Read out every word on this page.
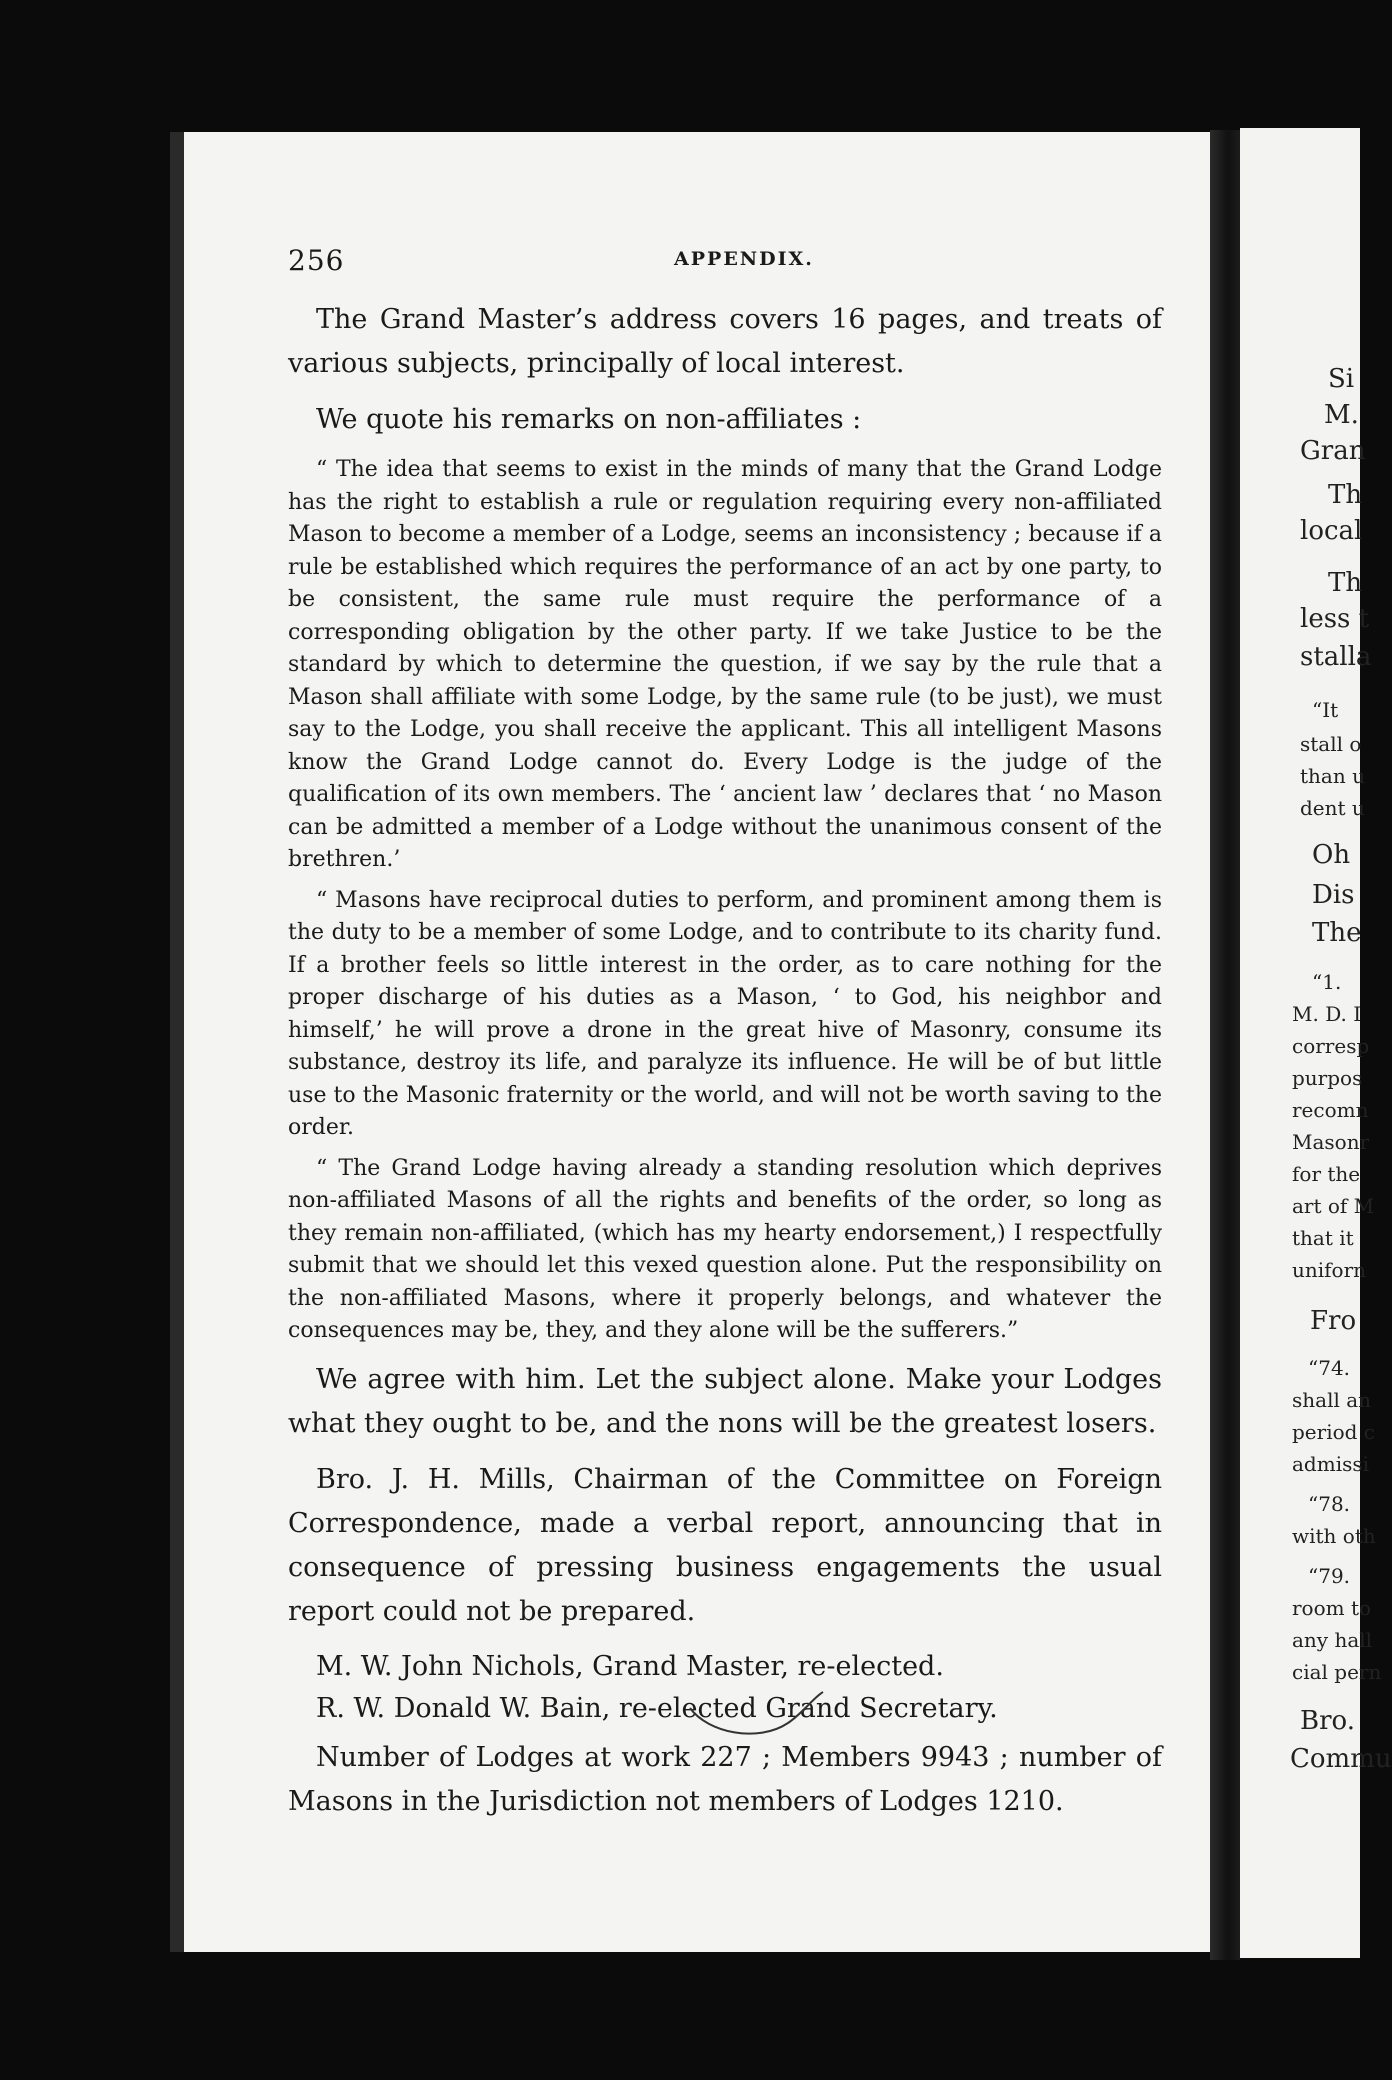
Si
M.
Gran
Th
local
Th
less t
stalla
“It
stall o
than u
dent u
Oh
Dis
The
“1.
M. D. I
corresp
purpos
recomn
Masonr
for the
art of M
that it
uniforn
Fro
“74.
shall an
period c
admissi
“78.
with oth
“79.
room to
any hall
cial pern
Bro.
Commu
256	APPENDIX.

The Grand Master’s address covers 16 pages, and treats of various subjects, principally of local interest.

We quote his remarks on non-affiliates :

“ The idea that seems to exist in the minds of many that the Grand Lodge has the right to establish a rule or regulation requiring every non-affiliated Mason to become a member of a Lodge, seems an inconsistency ; because if a rule be established which requires the performance of an act by one party, to be consistent, the same rule must require the performance of a corresponding obligation by the other party. If we take Justice to be the standard by which to determine the question, if we say by the rule that a Mason shall affiliate with some Lodge, by the same rule (to be just), we must say to the Lodge, you shall receive the applicant. This all intelligent Masons know the Grand Lodge cannot do. Every Lodge is the judge of the qualification of its own members. The ‘ ancient law ’ declares that ‘ no Mason can be admitted a member of a Lodge without the unanimous consent of the brethren.’

“ Masons have reciprocal duties to perform, and prominent among them is the duty to be a member of some Lodge, and to contribute to its charity fund. If a brother feels so little interest in the order, as to care nothing for the proper discharge of his duties as a Mason, ‘ to God, his neighbor and himself,’ he will prove a drone in the great hive of Masonry, consume its substance, destroy its life, and paralyze its influence. He will be of but little use to the Masonic fraternity or the world, and will not be worth saving to the order.

“ The Grand Lodge having already a standing resolution which deprives non-affiliated Masons of all the rights and benefits of the order, so long as they remain non-affiliated, (which has my hearty endorsement,) I respectfully submit that we should let this vexed question alone. Put the responsibility on the non-affiliated Masons, where it properly belongs, and whatever the consequences may be, they, and they alone will be the sufferers.”

We agree with him. Let the subject alone. Make your Lodges what they ought to be, and the nons will be the greatest losers.

Bro. J. H. Mills, Chairman of the Committee on Foreign Correspondence, made a verbal report, announcing that in consequence of pressing business engagements the usual report could not be prepared.

M. W. John Nichols, Grand Master, re-elected.

R. W. Donald W. Bain, re-elected Grand Secretary.

Number of Lodges at work 227 ; Members 9943 ; number of Masons in the Jurisdiction not members of Lodges 1210.
